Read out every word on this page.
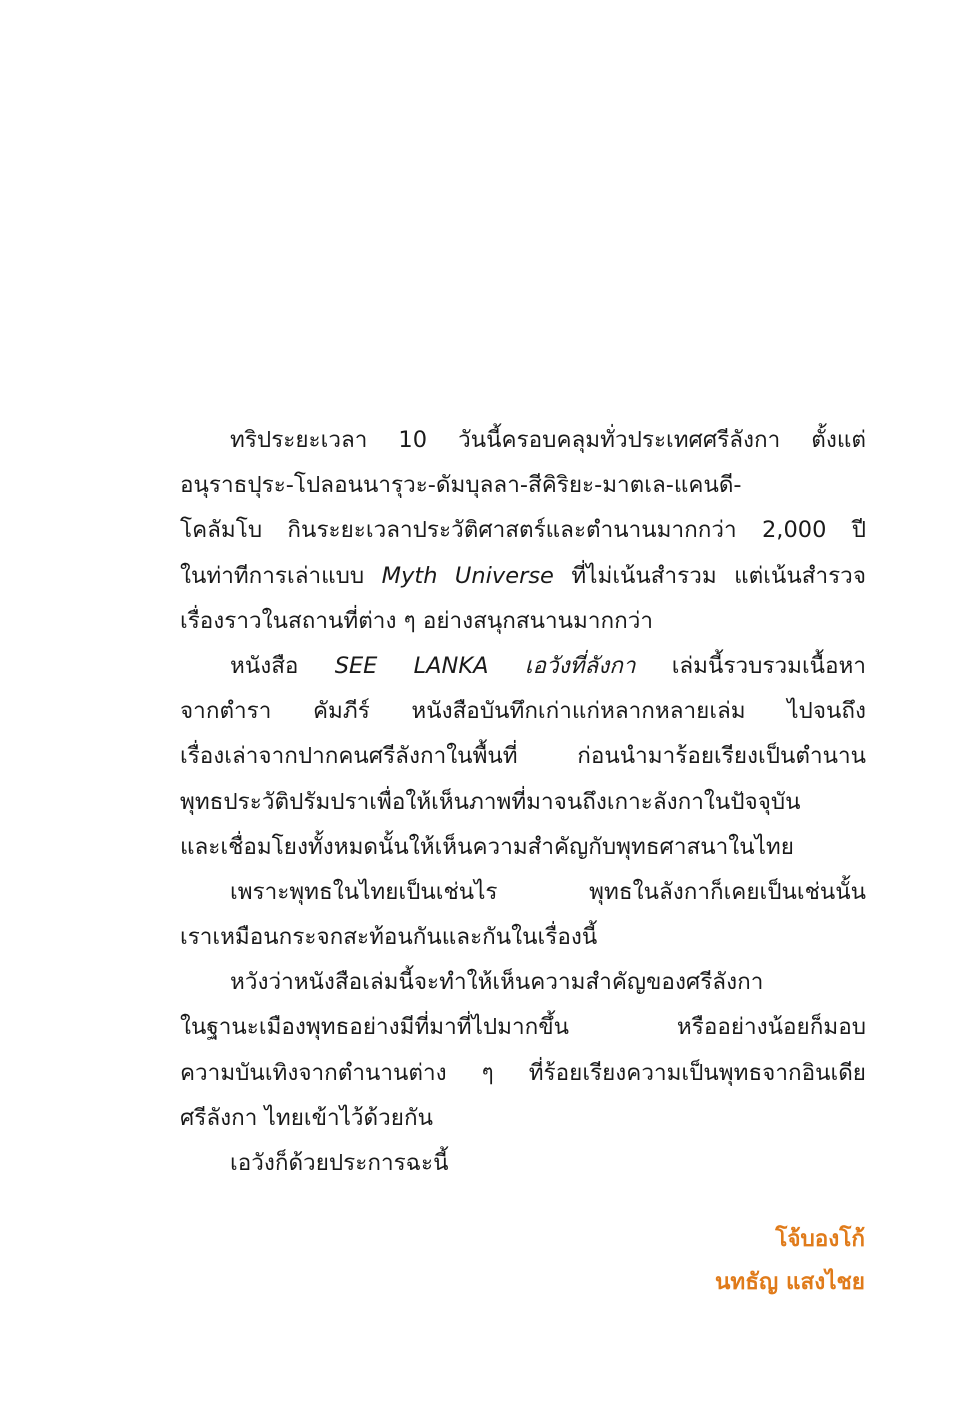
ทริประยะเวลา 10 วันนี้ครอบคลุมทั่วประเทศศรีลังกา ตั้งแต่
อนุราธปุระ-โปลอนนารุวะ-ดัมบุลลา-สีคิริยะ-มาตเล-แคนดี-
โคลัมโบ กินระยะเวลาประวัติศาสตร์และตำนานมากกว่า 2,000 ปี
ในท่าทีการเล่าแบบ Myth Universe ที่ไม่เน้นสำรวม แต่เน้นสำรวจ
เรื่องราวในสถานที่ต่าง ๆ อย่างสนุกสนานมากกว่า
หนังสือ SEE LANKA เอวังที่ลังกา เล่มนี้รวบรวมเนื้อหา
จากตำรา คัมภีร์ หนังสือบันทึกเก่าแก่หลากหลายเล่ม ไปจนถึง
เรื่องเล่าจากปากคนศรีลังกาในพื้นที่ ก่อนนำมาร้อยเรียงเป็นตำนาน
พุทธประวัติปรัมปราเพื่อให้เห็นภาพที่มาจนถึงเกาะลังกาในปัจจุบัน
และเชื่อมโยงทั้งหมดนั้นให้เห็นความสำคัญกับพุทธศาสนาในไทย
เพราะพุทธในไทยเป็นเช่นไร พุทธในลังกาก็เคยเป็นเช่นนั้น
เราเหมือนกระจกสะท้อนกันและกันในเรื่องนี้
หวังว่าหนังสือเล่มนี้จะทำให้เห็นความสำคัญของศรีลังกา
ในฐานะเมืองพุทธอย่างมีที่มาที่ไปมากขึ้น หรืออย่างน้อยก็มอบ
ความบันเทิงจากตำนานต่าง ๆ ที่ร้อยเรียงความเป็นพุทธจากอินเดีย
ศรีลังกา ไทยเข้าไว้ด้วยกัน
เอวังก็ด้วยประการฉะนี้
โจ้บองโก้
นทธัญ แสงไชย
